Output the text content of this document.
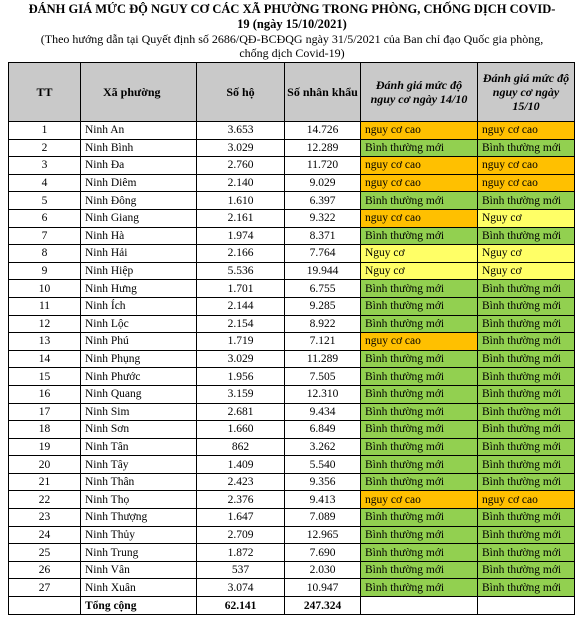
ĐÁNH GIÁ MỨC ĐỘ NGUY CƠ CÁC XÃ PHƯỜNG TRONG PHÒNG, CHỐNG DỊCH COVID-
19 (ngày 15/10/2021)

(Theo hướng dẫn tại Quyết định số 2686/QĐ-BCĐQG ngày 31/5/2021 của Ban chỉ đạo Quốc gia phòng,
chống dịch Covid-19)

TT	Xã phường	Số hộ	Số nhân khẩu	Đánh giá mức độ nguy cơ ngày 14/10	Đánh giá mức độ nguy cơ ngày 15/10
1	Ninh An	3.653	14.726	nguy cơ cao	nguy cơ cao
2	Ninh Bình	3.029	12.289	Bình thường mới	Bình thường mới
3	Ninh Đa	2.760	11.720	nguy cơ cao	nguy cơ cao
4	Ninh Diêm	2.140	9.029	nguy cơ cao	nguy cơ cao
5	Ninh Đông	1.610	6.397	Bình thường mới	Bình thường mới
6	Ninh Giang	2.161	9.322	nguy cơ cao	Nguy cơ
7	Ninh Hà	1.974	8.371	Bình thường mới	Bình thường mới
8	Ninh Hải	2.166	7.764	Nguy cơ	Nguy cơ
9	Ninh Hiệp	5.536	19.944	Nguy cơ	Nguy cơ
10	Ninh Hưng	1.701	6.755	Bình thường mới	Bình thường mới
11	Ninh Ích	2.144	9.285	Bình thường mới	Bình thường mới
12	Ninh Lộc	2.154	8.922	Bình thường mới	Bình thường mới
13	Ninh Phú	1.719	7.121	nguy cơ cao	Bình thường mới
14	Ninh Phụng	3.029	11.289	Bình thường mới	Bình thường mới
15	Ninh Phước	1.956	7.505	Bình thường mới	Bình thường mới
16	Ninh Quang	3.159	12.310	Bình thường mới	Bình thường mới
17	Ninh Sim	2.681	9.434	Bình thường mới	Bình thường mới
18	Ninh Sơn	1.660	6.849	Bình thường mới	Bình thường mới
19	Ninh Tân	862	3.262	Bình thường mới	Bình thường mới
20	Ninh Tây	1.409	5.540	Bình thường mới	Bình thường mới
21	Ninh Thân	2.423	9.356	Bình thường mới	Bình thường mới
22	Ninh Thọ	2.376	9.413	nguy cơ cao	nguy cơ cao
23	Ninh Thượng	1.647	7.089	Bình thường mới	Bình thường mới
24	Ninh Thủy	2.709	12.965	Bình thường mới	Bình thường mới
25	Ninh Trung	1.872	7.690	Bình thường mới	Bình thường mới
26	Ninh Vân	537	2.030	Bình thường mới	Bình thường mới
27	Ninh Xuân	3.074	10.947	Bình thường mới	Bình thường mới
	Tổng cộng	62.141	247.324		
